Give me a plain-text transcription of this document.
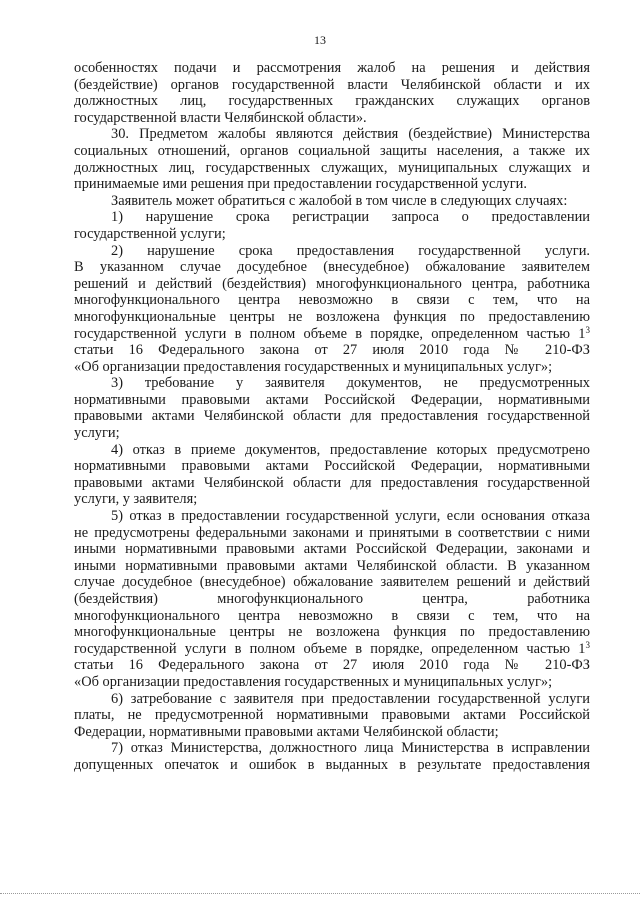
13
особенностях подачи и рассмотрения жалоб на решения и действия
(бездействие) органов государственной власти Челябинской области и их
должностных лиц, государственных гражданских служащих органов
государственной власти Челябинской области».
30. Предметом жалобы являются действия (бездействие) Министерства
социальных отношений, органов социальной защиты населения, а также их
должностных лиц, государственных служащих, муниципальных служащих и
принимаемые ими решения при предоставлении государственной услуги.
Заявитель может обратиться с жалобой в том числе в следующих случаях:
1) нарушение срока регистрации запроса о предоставлении
государственной услуги;
2) нарушение срока предоставления государственной услуги.
В указанном случае досудебное (внесудебное) обжалование заявителем
решений и действий (бездействия) многофункционального центра, работника
многофункционального центра невозможно в связи с тем, что на
многофункциональные центры не возложена функция по предоставлению
государственной услуги в полном объеме в порядке, определенном частью $1^3$
статьи 16 Федерального закона от 27 июля 2010 года № 210-ФЗ
«Об организации предоставления государственных и муниципальных услуг»;
3) требование у заявителя документов, не предусмотренных
нормативными правовыми актами Российской Федерации, нормативными
правовыми актами Челябинской области для предоставления государственной
услуги;
4) отказ в приеме документов, предоставление которых предусмотрено
нормативными правовыми актами Российской Федерации, нормативными
правовыми актами Челябинской области для предоставления государственной
услуги, у заявителя;
5) отказ в предоставлении государственной услуги, если основания отказа
не предусмотрены федеральными законами и принятыми в соответствии с ними
иными нормативными правовыми актами Российской Федерации, законами и
иными нормативными правовыми актами Челябинской области. В указанном
случае досудебное (внесудебное) обжалование заявителем решений и действий
(бездействия) многофункционального центра, работника
многофункционального центра невозможно в связи с тем, что на
многофункциональные центры не возложена функция по предоставлению
государственной услуги в полном объеме в порядке, определенном частью $1^3$
статьи 16 Федерального закона от 27 июля 2010 года № 210-ФЗ
«Об организации предоставления государственных и муниципальных услуг»;
6) затребование с заявителя при предоставлении государственной услуги
платы, не предусмотренной нормативными правовыми актами Российской
Федерации, нормативными правовыми актами Челябинской области;
7) отказ Министерства, должностного лица Министерства в исправлении
допущенных опечаток и ошибок в выданных в результате предоставления
